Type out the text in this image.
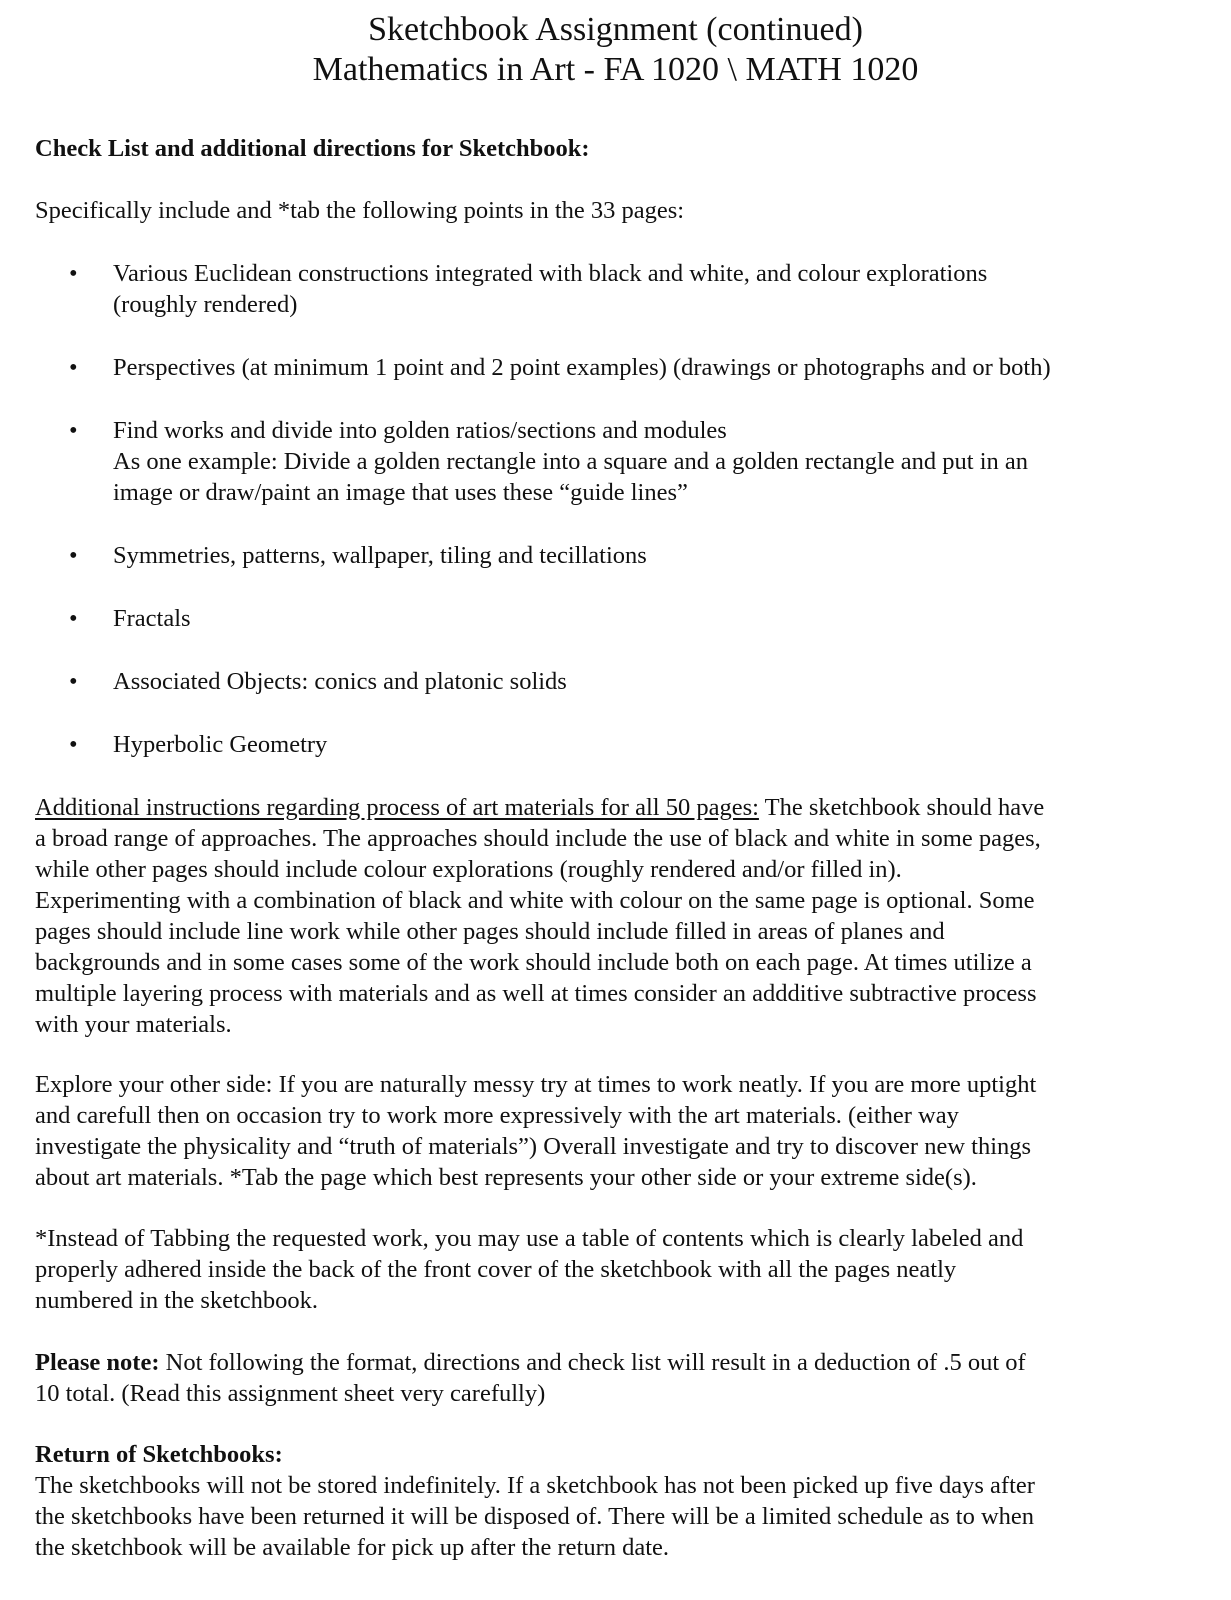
Sketchbook Assignment (continued)
Mathematics in Art - FA 1020 \ MATH 1020
Check List and additional directions for Sketchbook:
Specifically include and *tab the following points in the 33 pages:
• Various Euclidean constructions integrated with black and white, and colour explorations
(roughly rendered)
• Perspectives (at minimum 1 point and 2 point examples) (drawings or photographs and or both)
• Find works and divide into golden ratios/sections and modules
As one example: Divide a golden rectangle into a square and a golden rectangle and put in an
image or draw/paint an image that uses these “guide lines”
• Symmetries, patterns, wallpaper, tiling and tecillations
• Fractals
• Associated Objects: conics and platonic solids
• Hyperbolic Geometry
Additional instructions regarding process of art materials for all 50 pages: The sketchbook should have
a broad range of approaches. The approaches should include the use of black and white in some pages,
while other pages should include colour explorations (roughly rendered and/or filled in).
Experimenting with a combination of black and white with colour on the same page is optional. Some
pages should include line work while other pages should include filled in areas of planes and
backgrounds and in some cases some of the work should include both on each page. At times utilize a
multiple layering process with materials and as well at times consider an addditive subtractive process
with your materials.
Explore your other side: If you are naturally messy try at times to work neatly. If you are more uptight
and carefull then on occasion try to work more expressively with the art materials. (either way
investigate the physicality and “truth of materials”) Overall investigate and try to discover new things
about art materials. *Tab the page which best represents your other side or your extreme side(s).
*Instead of Tabbing the requested work, you may use a table of contents which is clearly labeled and
properly adhered inside the back of the front cover of the sketchbook with all the pages neatly
numbered in the sketchbook.
Please note: Not following the format, directions and check list will result in a deduction of .5 out of
10 total. (Read this assignment sheet very carefully)
Return of Sketchbooks:
The sketchbooks will not be stored indefinitely. If a sketchbook has not been picked up five days after
the sketchbooks have been returned it will be disposed of. There will be a limited schedule as to when
the sketchbook will be available for pick up after the return date.
